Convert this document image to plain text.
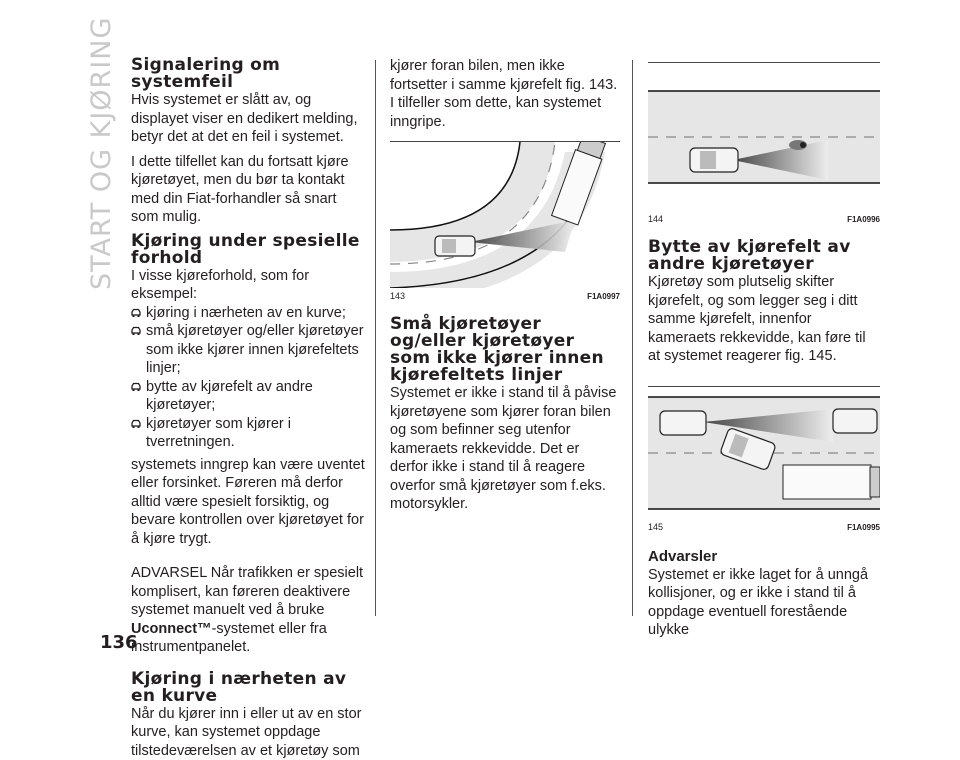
START OG KJØRING
136
Signalering om systemfeil

Hvis systemet er slått av, og displayet viser en dedikert melding, betyr det at det en feil i systemet.

I dette tilfellet kan du fortsatt kjøre kjøretøyet, men du bør ta kontakt med din Fiat-forhandler så snart som mulig.

Kjøring under spesielle forhold

I visse kjøreforhold, som for eksempel:

kjøring i nærheten av en kurve;
små kjøretøyer og/eller kjøretøyer som ikke kjører innen kjørefeltets linjer;
bytte av kjørefelt av andre kjøretøyer;
kjøretøyer som kjører i tverretningen.

systemets inngrep kan være uventet eller forsinket. Føreren må derfor alltid være spesielt forsiktig, og bevare kontrollen over kjøretøyet for å kjøre trygt.

ADVARSEL Når trafikken er spesielt komplisert, kan føreren deaktivere systemet manuelt ved å bruke Uconnect™-systemet eller fra instrumentpanelet.

Kjøring i nærheten av en kurve

Når du kjører inn i eller ut av en stor kurve, kan systemet oppdage tilstedeværelsen av et kjøretøy som

kjører foran bilen, men ikke fortsetter i samme kjørefelt fig. 143. I tilfeller som dette, kan systemet inngripe.

143	F1A0997
Små kjøretøyer og/eller kjøretøyer som ikke kjører innen kjørefeltets linjer

Systemet er ikke i stand til å påvise kjøretøyene som kjører foran bilen og som befinner seg utenfor kameraets rekkevidde. Det er derfor ikke i stand til å reagere overfor små kjøretøyer som f.eks. motorsykler.

144	F1A0996
Bytte av kjørefelt av andre kjøretøyer

Kjøretøy som plutselig skifter kjørefelt, og som legger seg i ditt samme kjørefelt, innenfor kameraets rekkevidde, kan føre til at systemet reagerer fig. 145.

145	F1A0995
Advarsler

Systemet er ikke laget for å unngå kollisjoner, og er ikke i stand til å oppdage eventuell forestående ulykke
